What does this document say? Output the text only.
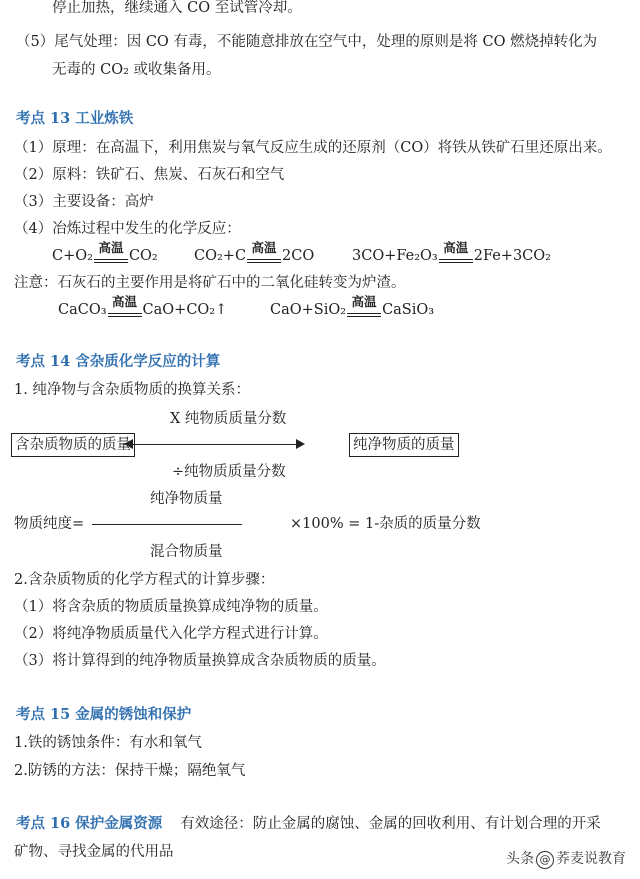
停止加热，继续通入 CO 至试管冷却。
（5）尾气处理：因 CO 有毒，不能随意排放在空气中，处理的原则是将 CO 燃烧掉转化为
无毒的 CO₂ 或收集备用。
考点 13 工业炼铁
（1）原理：在高温下，利用焦炭与氧气反应生成的还原剂（CO）将铁从铁矿石里还原出来。
（2）原料：铁矿石、焦炭、石灰石和空气
（3）主要设备：高炉
（4）冶炼过程中发生的化学反应：
C+O₂
高温
CO₂	CO₂+C
高温
2CO	3CO+Fe₂O₃
高温
2Fe+3CO₂
注意：石灰石的主要作用是将矿石中的二氧化硅转变为炉渣。
CaCO₃
高温
CaO+CO₂↑	CaO+SiO₂
高温
CaSiO₃
考点 14 含杂质化学反应的计算
1. 纯净物与含杂质物质的换算关系：
X 纯物质质量分数
含杂质物质的质量	纯净物质的质量
÷纯物质质量分数
纯净物质量
物质纯度=	×100% = 1-杂质的质量分数
混合物质量
2.含杂质物质的化学方程式的计算步骤：
（1）将含杂质的物质质量换算成纯净物的质量。
（2）将纯净物质质量代入化学方程式进行计算。
（3）将计算得到的纯净物质量换算成含杂质物质的质量。
考点 15 金属的锈蚀和保护
1.铁的锈蚀条件：有水和氧气
2.防锈的方法：保持干燥；隔绝氧气
考点 16 保护金属资源 有效途径：防止金属的腐蚀、金属的回收利用、有计划合理的开采
矿物、寻找金属的代用品	头条 @ 荞麦说教育
